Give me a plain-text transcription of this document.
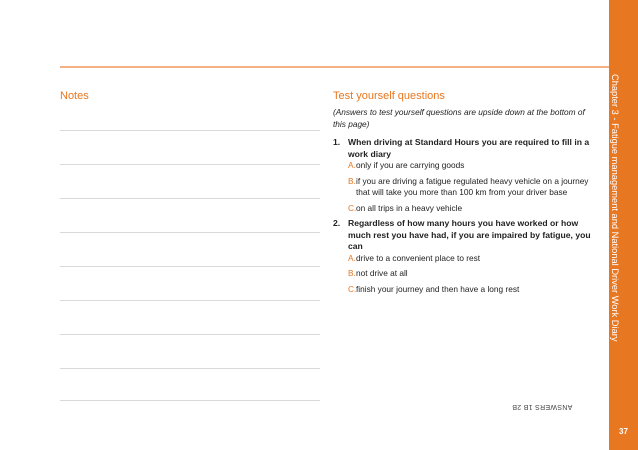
Notes	Test yourself questions
(Answers to test yourself questions are upside down at the bottom of this page)
1. When driving at Standard Hours you are required to fill in a work diary
A. only if you are carrying goods
B. if you are driving a fatigue regulated heavy vehicle on a journey that will take you more than 100 km from your driver base
C. on all trips in a heavy vehicle
2. Regardless of how many hours you have worked or how much rest you have had, if you are impaired by fatigue, you can
A. drive to a convenient place to rest
B. not drive at all
C. finish your journey and then have a long rest
ANSWERS 1B 2B
Chapter 3 - Fatigue management and National Driver Work Diary
37
